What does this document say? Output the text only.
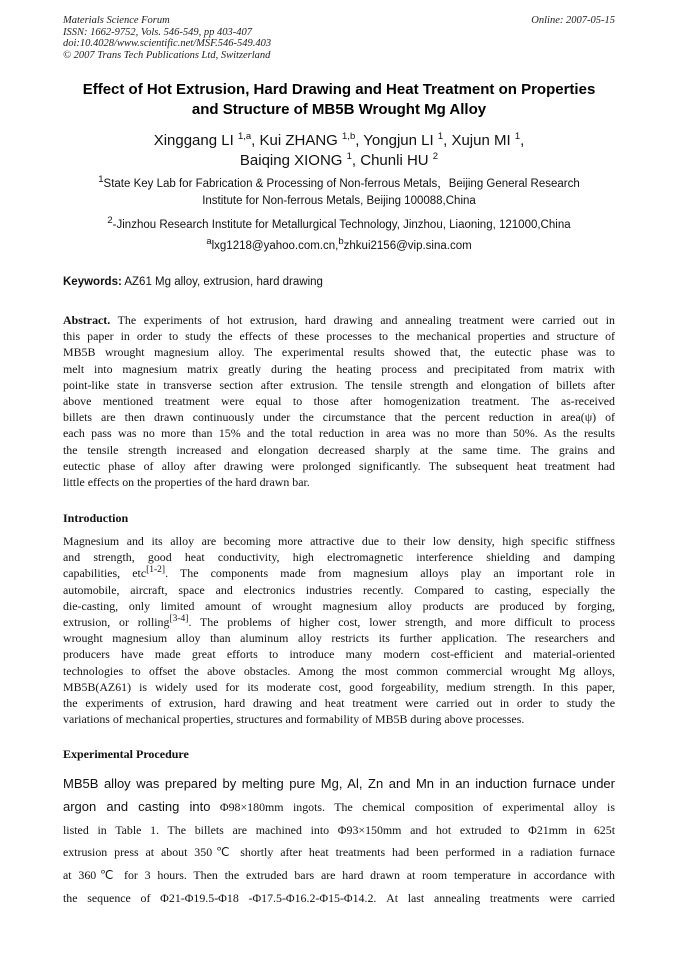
Materials Science Forum
ISSN: 1662-9752, Vols. 546-549, pp 403-407
doi:10.4028/www.scientific.net/MSF.546-549.403
© 2007 Trans Tech Publications Ltd, Switzerland
Online: 2007-05-15
Effect of Hot Extrusion, Hard Drawing and Heat Treatment on Properties
and Structure of MB5B Wrought Mg Alloy
Xinggang LI $^{1,a}$, Kui ZHANG $^{1,b}$, Yongjun LI $^1$, Xujun MI $^1$,
Baiqing XIONG $^1$, Chunli HU $^2$
$^1$State Key Lab for Fabrication & Processing of Non-ferrous Metals，Beijing General Research
Institute for Non-ferrous Metals, Beijing 100088,China
$^2$-Jinzhou Research Institute for Metallurgical Technology, Jinzhou, Liaoning, 121000,China
$^a$lxg1218@yahoo.com.cn,$^b$zhkui2156@vip.sina.com
Keywords: AZ61 Mg alloy, extrusion, hard drawing
Abstract. The experiments of hot extrusion, hard drawing and annealing treatment were carried out in
this paper in order to study the effects of these processes to the mechanical properties and structure of
MB5B wrought magnesium alloy. The experimental results showed that, the eutectic phase was to
melt into magnesium matrix greatly during the heating process and precipitated from matrix with
point-like state in transverse section after extrusion. The tensile strength and elongation of billets after
above mentioned treatment were equal to those after homogenization treatment. The as-received
billets are then drawn continuously under the circumstance that the percent reduction in area(ψ) of
each pass was no more than 15% and the total reduction in area was no more than 50%. As the results
the tensile strength increased and elongation decreased sharply at the same time. The grains and
eutectic phase of alloy after drawing were prolonged significantly. The subsequent heat treatment had
little effects on the properties of the hard drawn bar.
Introduction
Magnesium and its alloy are becoming more attractive due to their low density, high specific stiffness
and strength, good heat conductivity, high electromagnetic interference shielding and damping
capabilities, etc[1-2]. The components made from magnesium alloys play an important role in
automobile, aircraft, space and electronics industries recently. Compared to casting, especially the
die-casting, only limited amount of wrought magnesium alloy products are produced by forging,
extrusion, or rolling[3-4]. The problems of higher cost, lower strength, and more difficult to process
wrought magnesium alloy than aluminum alloy restricts its further application. The researchers and
producers have made great efforts to introduce many modern cost-efficient and material-oriented
technologies to offset the above obstacles. Among the most common commercial wrought Mg alloys,
MB5B(AZ61) is widely used for its moderate cost, good forgeability, medium strength. In this paper,
the experiments of extrusion, hard drawing and heat treatment were carried out in order to study the
variations of mechanical properties, structures and formability of MB5B during above processes.
Experimental Procedure
MB5B alloy was prepared by melting pure Mg, Al, Zn and Mn in an induction furnace under
argon and casting into Φ98×180mm ingots. The chemical composition of experimental alloy is
listed in Table 1. The billets are machined into Φ93×150mm and hot extruded to Φ21mm in 625t
extrusion press at about 350℃ shortly after heat treatments had been performed in a radiation furnace
at 360℃ for 3 hours. Then the extruded bars are hard drawn at room temperature in accordance with
the sequence of Φ21-Φ19.5-Φ18 -Φ17.5-Φ16.2-Φ15-Φ14.2. At last annealing treatments were carried
